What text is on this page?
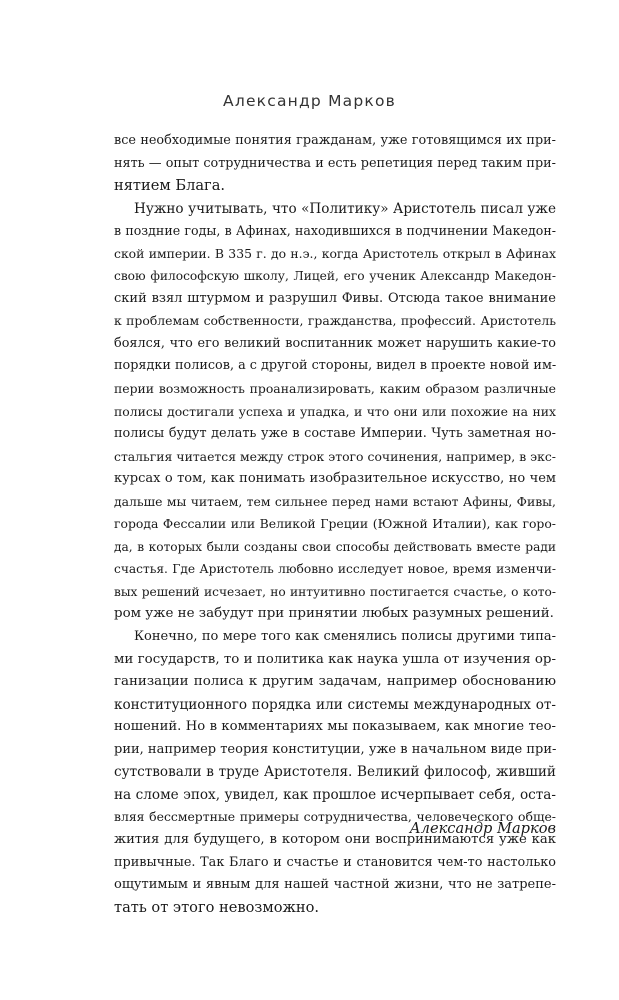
Александр Марков
все необходимые понятия гражданам, уже готовящимся их при-
нять — опыт сотрудничества и есть репетиция перед таким при-
нятием Блага.
Нужно учитывать, что «Политику» Аристотель писал уже
в поздние годы, в Афинах, находившихся в подчинении Македон-
ской империи. В 335 г. до н.э., когда Аристотель открыл в Афинах
свою философскую школу, Лицей, его ученик Александр Македон-
ский взял штурмом и разрушил Фивы. Отсюда такое внимание
к проблемам собственности, гражданства, профессий. Аристотель
боялся, что его великий воспитанник может нарушить какие-то
порядки полисов, а с другой стороны, видел в проекте новой им-
перии возможность проанализировать, каким образом различные
полисы достигали успеха и упадка, и что они или похожие на них
полисы будут делать уже в составе Империи. Чуть заметная но-
стальгия читается между строк этого сочинения, например, в экс-
курсах о том, как понимать изобразительное искусство, но чем
дальше мы читаем, тем сильнее перед нами встают Афины, Фивы,
города Фессалии или Великой Греции (Южной Италии), как горо-
да, в которых были созданы свои способы действовать вместе ради
счастья. Где Аристотель любовно исследует новое, время изменчи-
вых решений исчезает, но интуитивно постигается счастье, о кото-
ром уже не забудут при принятии любых разумных решений.
Конечно, по мере того как сменялись полисы другими типа-
ми государств, то и политика как наука ушла от изучения ор-
ганизации полиса к другим задачам, например обоснованию
конституционного порядка или системы международных от-
ношений. Но в комментариях мы показываем, как многие тео-
рии, например теория конституции, уже в начальном виде при-
сутствовали в труде Аристотеля. Великий философ, живший
на сломе эпох, увидел, как прошлое исчерпывает себя, оста-
вляя бессмертные примеры сотрудничества, человеческого обще-
жития для будущего, в котором они воспринимаются уже как
привычные. Так Благо и счастье и становится чем-то настолько
ощутимым и явным для нашей частной жизни, что не затрепе-
тать от этого невозможно.
Александр Марков
